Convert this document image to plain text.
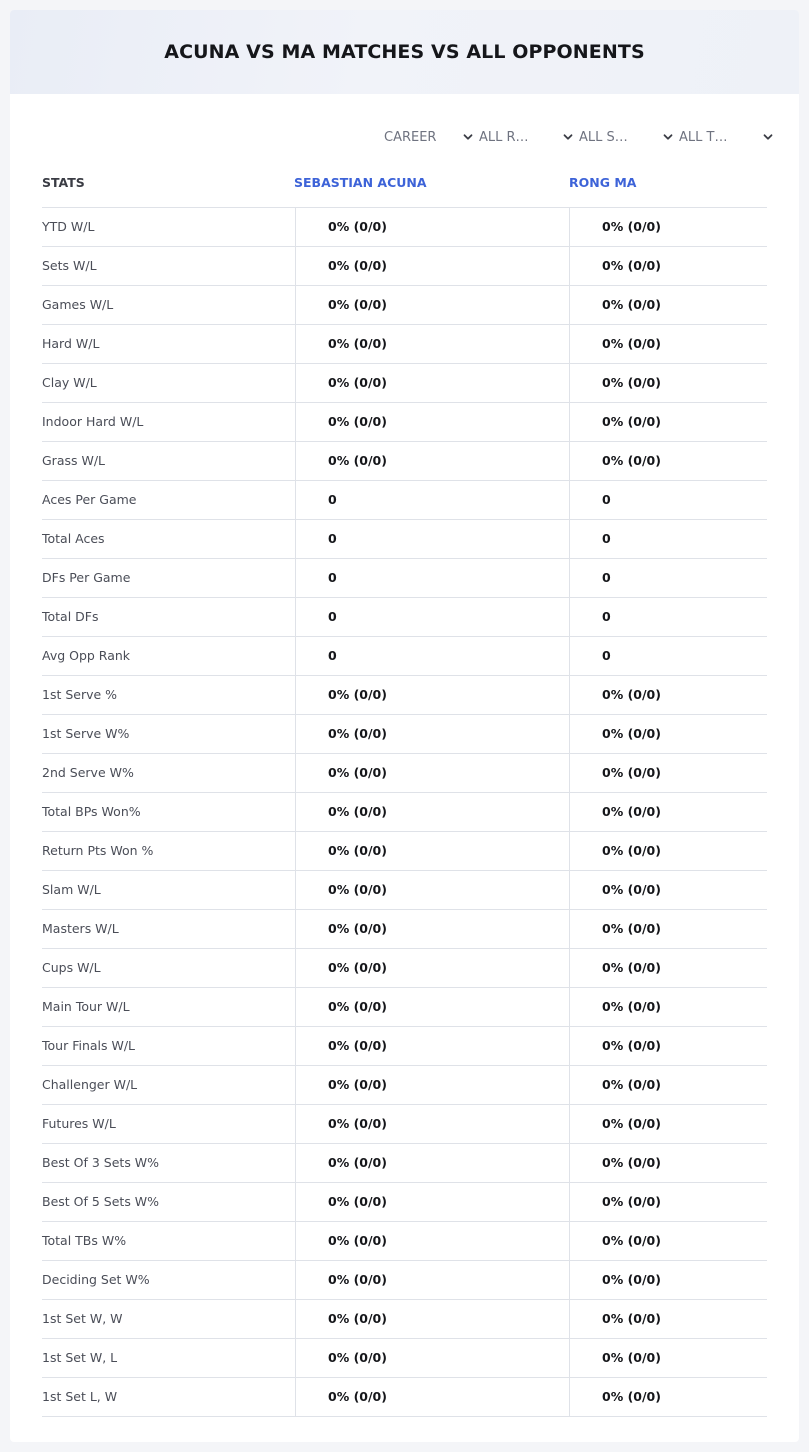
ACUNA VS MA MATCHES VS ALL OPPONENTS
CAREER	ALL R…	ALL S…	ALL T…
STATS	SEBASTIAN ACUNA	RONG MA
YTD W/L	0% (0/0)	0% (0/0)
Sets W/L	0% (0/0)	0% (0/0)
Games W/L	0% (0/0)	0% (0/0)
Hard W/L	0% (0/0)	0% (0/0)
Clay W/L	0% (0/0)	0% (0/0)
Indoor Hard W/L	0% (0/0)	0% (0/0)
Grass W/L	0% (0/0)	0% (0/0)
Aces Per Game	0	0
Total Aces	0	0
DFs Per Game	0	0
Total DFs	0	0
Avg Opp Rank	0	0
1st Serve %	0% (0/0)	0% (0/0)
1st Serve W%	0% (0/0)	0% (0/0)
2nd Serve W%	0% (0/0)	0% (0/0)
Total BPs Won%	0% (0/0)	0% (0/0)
Return Pts Won %	0% (0/0)	0% (0/0)
Slam W/L	0% (0/0)	0% (0/0)
Masters W/L	0% (0/0)	0% (0/0)
Cups W/L	0% (0/0)	0% (0/0)
Main Tour W/L	0% (0/0)	0% (0/0)
Tour Finals W/L	0% (0/0)	0% (0/0)
Challenger W/L	0% (0/0)	0% (0/0)
Futures W/L	0% (0/0)	0% (0/0)
Best Of 3 Sets W%	0% (0/0)	0% (0/0)
Best Of 5 Sets W%	0% (0/0)	0% (0/0)
Total TBs W%	0% (0/0)	0% (0/0)
Deciding Set W%	0% (0/0)	0% (0/0)
1st Set W, W	0% (0/0)	0% (0/0)
1st Set W, L	0% (0/0)	0% (0/0)
1st Set L, W	0% (0/0)	0% (0/0)
